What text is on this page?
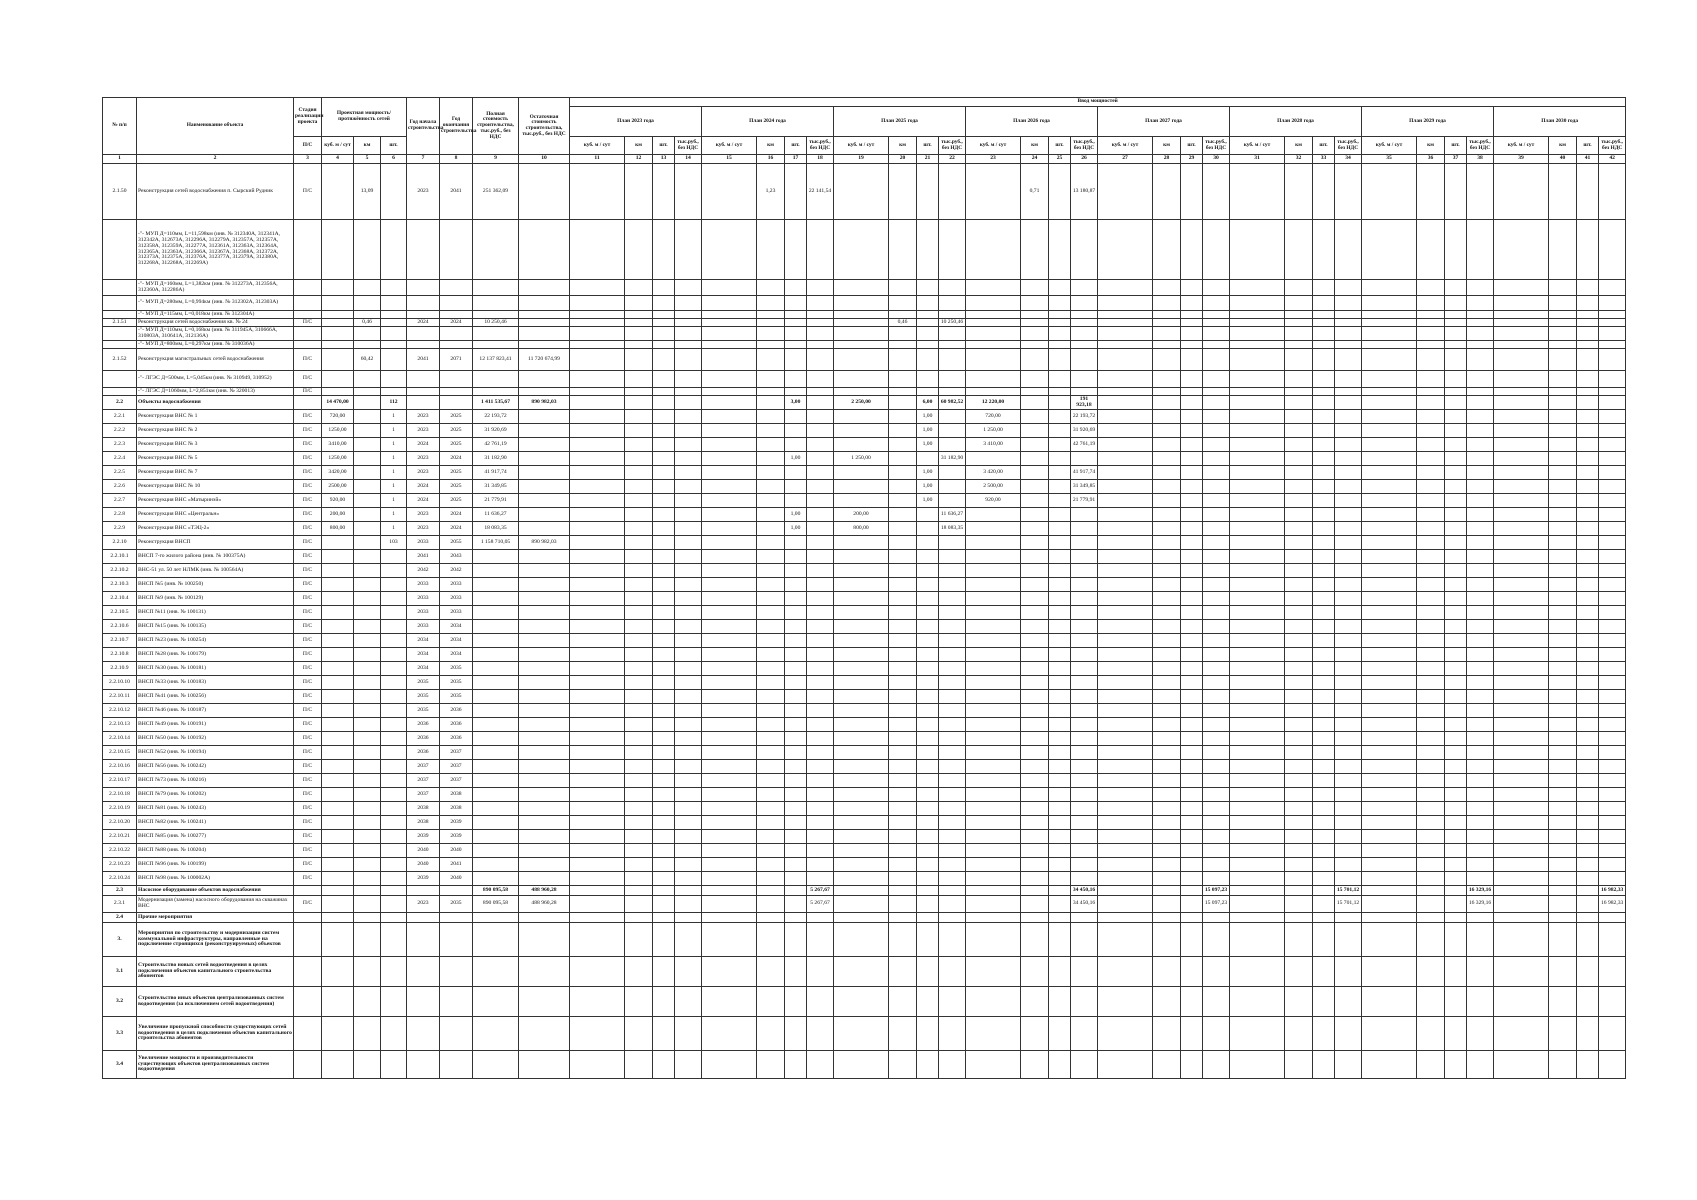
№ п/п	Наименование объекта	Стадия реализации проекта	Проектная мощность/ протяжённость сетей			Год начала строительства	Год окончания строительства	Полная стоимость строительства, тыс.руб., без НДС	Остаточная стоимость строительства, тыс.руб., без НДС	Ввод мощностей																															
										План 2023 года				План 2024 года				План 2025 года				План 2026 года				План 2027 года				План 2028 года				План 2029 года				План 2030 года			
		П/С	куб. м / сут	км	шт.					куб. м / сут	км	шт.	тыс.руб., без НДС	куб. м / сут	км	шт.	тыс.руб., без НДС	куб. м / сут	км	шт.	тыс.руб., без НДС	куб. м / сут	км	шт.	тыс.руб., без НДС	куб. м / сут	км	шт.	тыс.руб., без НДС	куб. м / сут	км	шт.	тыс.руб., без НДС	куб. м / сут	км	шт.	тыс.руб., без НДС	куб. м / сут	км	шт.	тыс.руб., без НДС
1	2	3	4	5	6	7	8	9	10	11	12	13	14	15	16	17	18	19	20	21	22	23	24	25	26	27	28	29	30	31	32	33	34	35	36	37	38	39	40	41	42
2.1.50	Реконструкция сетей водоснабжения п. Сырский Рудник	П/С		13,09		2023	2041	251 362,09							1,23		22 141,54						0,71		13 180,87																
	-"- МУП Д=110мм, L=11,598км (инв. № 312340А, 312341А, 312342А, 312673А, 312296А, 312279А, 312357А, 312357А, 312358А, 312359А, 312277А, 312361А, 312363А, 312364А, 312365А, 312363А, 312366А, 312367А, 312368А, 312372А, 312373А, 312375А, 312376А, 312377А, 312379А, 312380А, 312268А, 312268А, 312269А)																																								
	-"- МУП Д=160мм, L=1,382км (инв. № 312273А, 312356А, 312360А, 312286А)																																								
	-"- МУП Д=280мм, L=0,994км (инв. № 312302А, 312303А)																																								
	-"- МУП Д=115мм, L=0,018км (инв. № 312304А)																																								
2.1.51	Реконструкция сетей водоснабжения кв. № 24	П/С		0,46		2024	2024	10 250,46											0,46		10 250,46																				
	-"- МУП Д=110мм, L=0,168км (инв. № 311945А, 310666А, 310803А, 310641А, 312136А)																																								
	-"- МУП Д=800мм, L=0,297км (инв. № 310036А)																																								
2.1.52	Реконструкция магистральных сетей водоснабжения	П/С		60,42		2041	2071	12 137 823,41	11 720 674,99																																
	-"- ЛГЭС Д=500мм, L=5,045км (инв. № 310949, 310952)	П/С																																							
	-"- ЛГЭС Д=1060мм, L=2,851км (инв. № 320013)	П/С																																							
2.2	Объекты водоснабжения		14 470,00		112			1 411 535,67	890 982,03							3,00		2 250,00		6,00	60 982,52	12 220,00			191 923,18																
2.2.1	Реконструкция ВНС № 1	П/С	720,00		1	2023	2025	22 193,72												1,00		720,00			22 193,72																
2.2.2	Реконструкция ВНС № 2	П/С	1250,00		1	2023	2025	31 920,69												1,00		1 250,00			31 920,69																
2.2.3	Реконструкция ВНС № 3	П/С	3410,00		1	2024	2025	42 761,19												1,00		3 410,00			42 761,19																
2.2.4	Реконструкция ВНС № 5	П/С	1250,00		1	2023	2024	31 182,90								1,00		1 250,00			31 182,90																				
2.2.5	Реконструкция ВНС № 7	П/С	3420,00		1	2023	2025	41 917,74												1,00		3 420,00			41 917,74																
2.2.6	Реконструкция ВНС № 10	П/С	2500,00		1	2024	2025	31 349,85												1,00		2 500,00			31 349,85																
2.2.7	Реконструкция ВНС «Матыринэй»	П/С	920,00		1	2024	2025	21 779,91												1,00		920,00			21 779,91																
2.2.8	Реконструкция ВНС «Центральн»	П/С	200,00		1	2023	2024	11 636,27								1,00		200,00			11 636,27																				
2.2.9	Реконструкция ВНС «ТЭЦ-2»	П/С	800,00		1	2023	2024	18 083,35								1,00		800,00			18 083,35																				
2.2.10	Реконструкция ВНСП	П/С			103	2033	2055	1 158 710,05	890 982,03																																
2.2.10.1	ВНСП 7-го жилого района (инв. № 100375А)	П/С				2041	2043																																		
2.2.10.2	ВНС-51 ул. 50 лет НЛМК (инв. № 100564А)	П/С				2042	2042																																		
2.2.10.3	ВНСП №5 (инв. № 100250)	П/С				2033	2033																																		
2.2.10.4	ВНСП №9 (инв. № 100129)	П/С				2033	2033																																		
2.2.10.5	ВНСП №11 (инв. № 100131)	П/С				2033	2033																																		
2.2.10.6	ВНСП №15 (инв. № 100135)	П/С				2033	2034																																		
2.2.10.7	ВНСП №23 (инв. № 100254)	П/С				2034	2034																																		
2.2.10.8	ВНСП №28 (инв. № 100179)	П/С				2034	2034																																		
2.2.10.9	ВНСП №30 (инв. № 100181)	П/С				2034	2035																																		
2.2.10.10	ВНСП №33 (инв. № 100183)	П/С				2035	2035																																		
2.2.10.11	ВНСП №41 (инв. № 100256)	П/С				2035	2035																																		
2.2.10.12	ВНСП №46 (инв. № 100187)	П/С				2035	2036																																		
2.2.10.13	ВНСП №49 (инв. № 100191)	П/С				2036	2036																																		
2.2.10.14	ВНСП №50 (инв. № 100192)	П/С				2036	2036																																		
2.2.10.15	ВНСП №52 (инв. № 100194)	П/С				2036	2037																																		
2.2.10.16	ВНСП №56 (инв. № 100242)	П/С				2037	2037																																		
2.2.10.17	ВНСП №73 (инв. № 100216)	П/С				2037	2037																																		
2.2.10.18	ВНСП №79 (инв. № 100202)	П/С				2037	2038																																		
2.2.10.19	ВНСП №81 (инв. № 100243)	П/С				2038	2038																																		
2.2.10.20	ВНСП №82 (инв. № 100241)	П/С				2038	2039																																		
2.2.10.21	ВНСП №85 (инв. № 100277)	П/С				2039	2039																																		
2.2.10.22	ВНСП №88 (инв. № 100204)	П/С				2040	2040																																		
2.2.10.23	ВНСП №96 (инв. № 100199)	П/С				2040	2041																																		
2.2.10.24	ВНСП №98 (инв. № 100002А)	П/С				2039	2040																																		
2.3	Насосное оборудование объектов водоснабжения							890 095,58	488 960,28								5 267,67								34 450,16				15 097,23				15 701,12				16 329,16				16 982,33
2.3.1	Модернизация (замена) насосного оборудования на скважинах ВНС	П/С				2023	2035	890 095,58	488 960,28								5 267,67								34 450,16				15 097,23				15 701,12				16 329,16				16 982,33
2.4	Прочие мероприятия																																								
3.	Мероприятия по строительству и модернизации систем коммунальной инфраструктуры, направленные на подключение строящихся (реконструируемых) объектов																																								
3.1	Строительство новых сетей водоотведения в целях подключения объектов капитального строительства абонентов																																								
3.2	Строительство иных объектов централизованных систем водоотведения (за исключением сетей водоотведения)																																								
3.3	Увеличение пропускной способности существующих сетей водоотведения в целях подключения объектов капитального строительства абонентов																																								
3.4	Увеличение мощности и производительности существующих объектов централизованных систем водоотведения																																								
